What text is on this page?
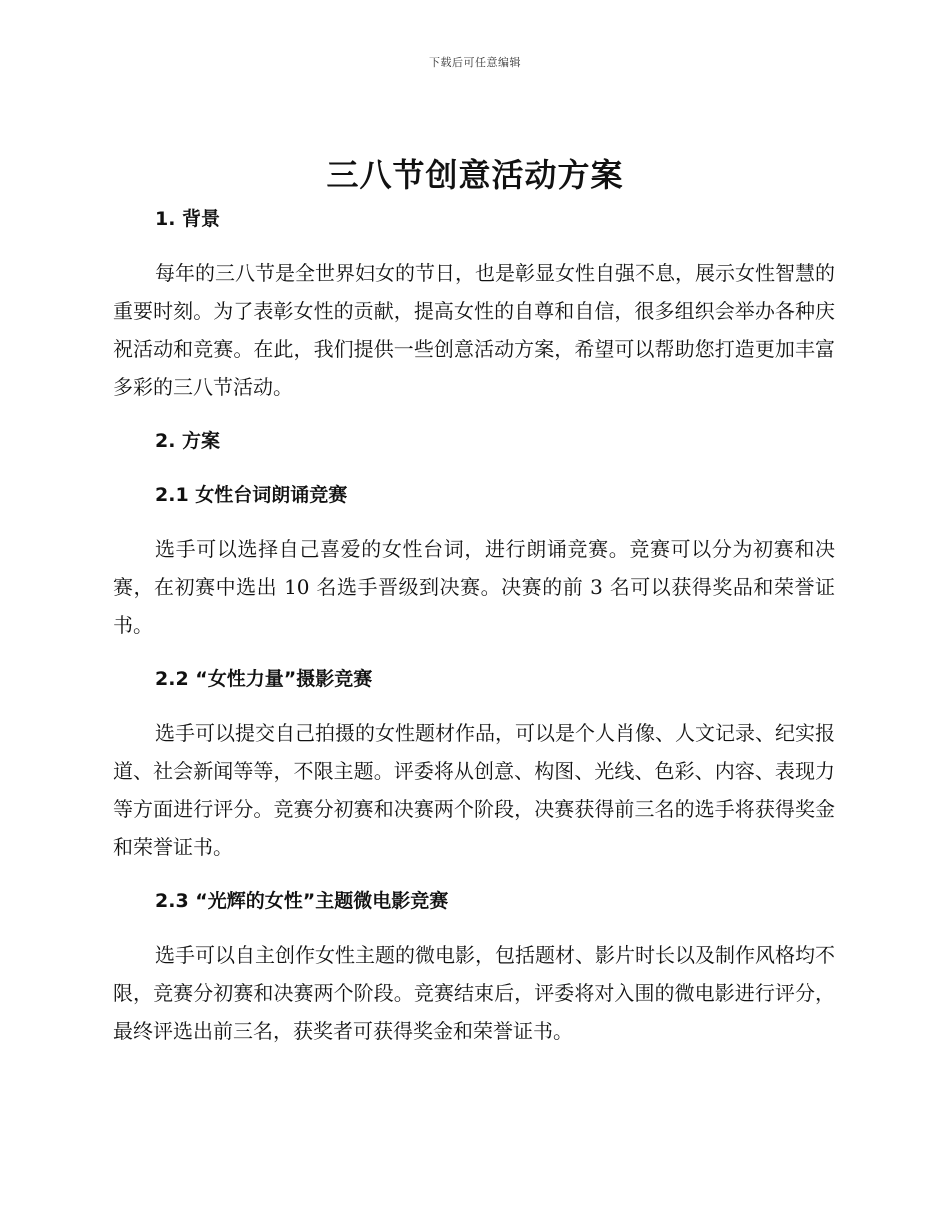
下载后可任意编辑
三八节创意活动方案
1. 背景

每年的三八节是全世界妇女的节日，也是彰显女性自强不息，展示女性智慧的重要时刻。为了表彰女性的贡献，提高女性的自尊和自信，很多组织会举办各种庆祝活动和竞赛。在此，我们提供一些创意活动方案，希望可以帮助您打造更加丰富多彩的三八节活动。

2. 方案
2.1 女性台词朗诵竞赛

选手可以选择自己喜爱的女性台词，进行朗诵竞赛。竞赛可以分为初赛和决赛，在初赛中选出 10 名选手晋级到决赛。决赛的前 3 名可以获得奖品和荣誉证书。

2.2 “女性力量”摄影竞赛

选手可以提交自己拍摄的女性题材作品，可以是个人肖像、人文记录、纪实报道、社会新闻等等，不限主题。评委将从创意、构图、光线、色彩、内容、表现力等方面进行评分。竞赛分初赛和决赛两个阶段，决赛获得前三名的选手将获得奖金和荣誉证书。

2.3 “光辉的女性”主题微电影竞赛

选手可以自主创作女性主题的微电影，包括题材、影片时长以及制作风格均不限，竞赛分初赛和决赛两个阶段。竞赛结束后，评委将对入围的微电影进行评分，最终评选出前三名，获奖者可获得奖金和荣誉证书。
